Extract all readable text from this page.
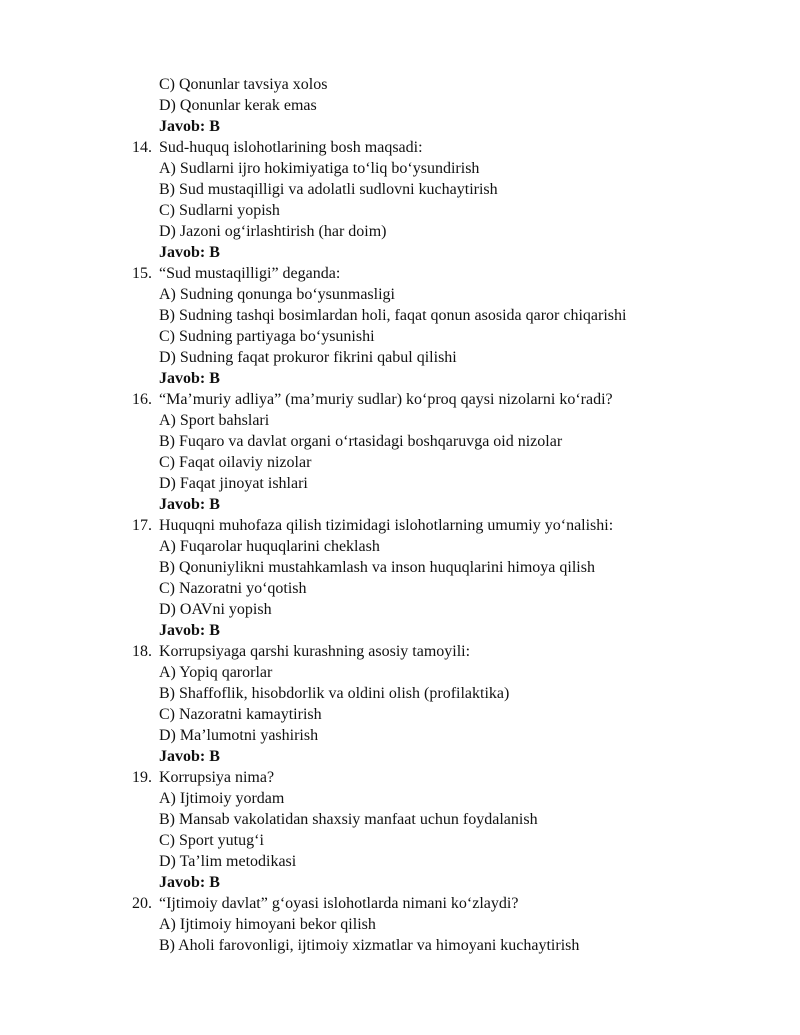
C) Qonunlar tavsiya xolos
D) Qonunlar kerak emas
Javob: B
14. Sud-huquq islohotlarining bosh maqsadi:
A) Sudlarni ijro hokimiyatiga to‘liq bo‘ysundirish
B) Sud mustaqilligi va adolatli sudlovni kuchaytirish
C) Sudlarni yopish
D) Jazoni og‘irlashtirish (har doim)
Javob: B
15. “Sud mustaqilligi” deganda:
A) Sudning qonunga bo‘ysunmasligi
B) Sudning tashqi bosimlardan holi, faqat qonun asosida qaror chiqarishi
C) Sudning partiyaga bo‘ysunishi
D) Sudning faqat prokuror fikrini qabul qilishi
Javob: B
16. “Ma’muriy adliya” (ma’muriy sudlar) ko‘proq qaysi nizolarni ko‘radi?
A) Sport bahslari
B) Fuqaro va davlat organi o‘rtasidagi boshqaruvga oid nizolar
C) Faqat oilaviy nizolar
D) Faqat jinoyat ishlari
Javob: B
17. Huquqni muhofaza qilish tizimidagi islohotlarning umumiy yo‘nalishi:
A) Fuqarolar huquqlarini cheklash
B) Qonuniylikni mustahkamlash va inson huquqlarini himoya qilish
C) Nazoratni yo‘qotish
D) OAVni yopish
Javob: B
18. Korrupsiyaga qarshi kurashning asosiy tamoyili:
A) Yopiq qarorlar
B) Shaffoflik, hisobdorlik va oldini olish (profilaktika)
C) Nazoratni kamaytirish
D) Ma’lumotni yashirish
Javob: B
19. Korrupsiya nima?
A) Ijtimoiy yordam
B) Mansab vakolatidan shaxsiy manfaat uchun foydalanish
C) Sport yutug‘i
D) Ta’lim metodikasi
Javob: B
20. “Ijtimoiy davlat” g‘oyasi islohotlarda nimani ko‘zlaydi?
A) Ijtimoiy himoyani bekor qilish
B) Aholi farovonligi, ijtimoiy xizmatlar va himoyani kuchaytirish
